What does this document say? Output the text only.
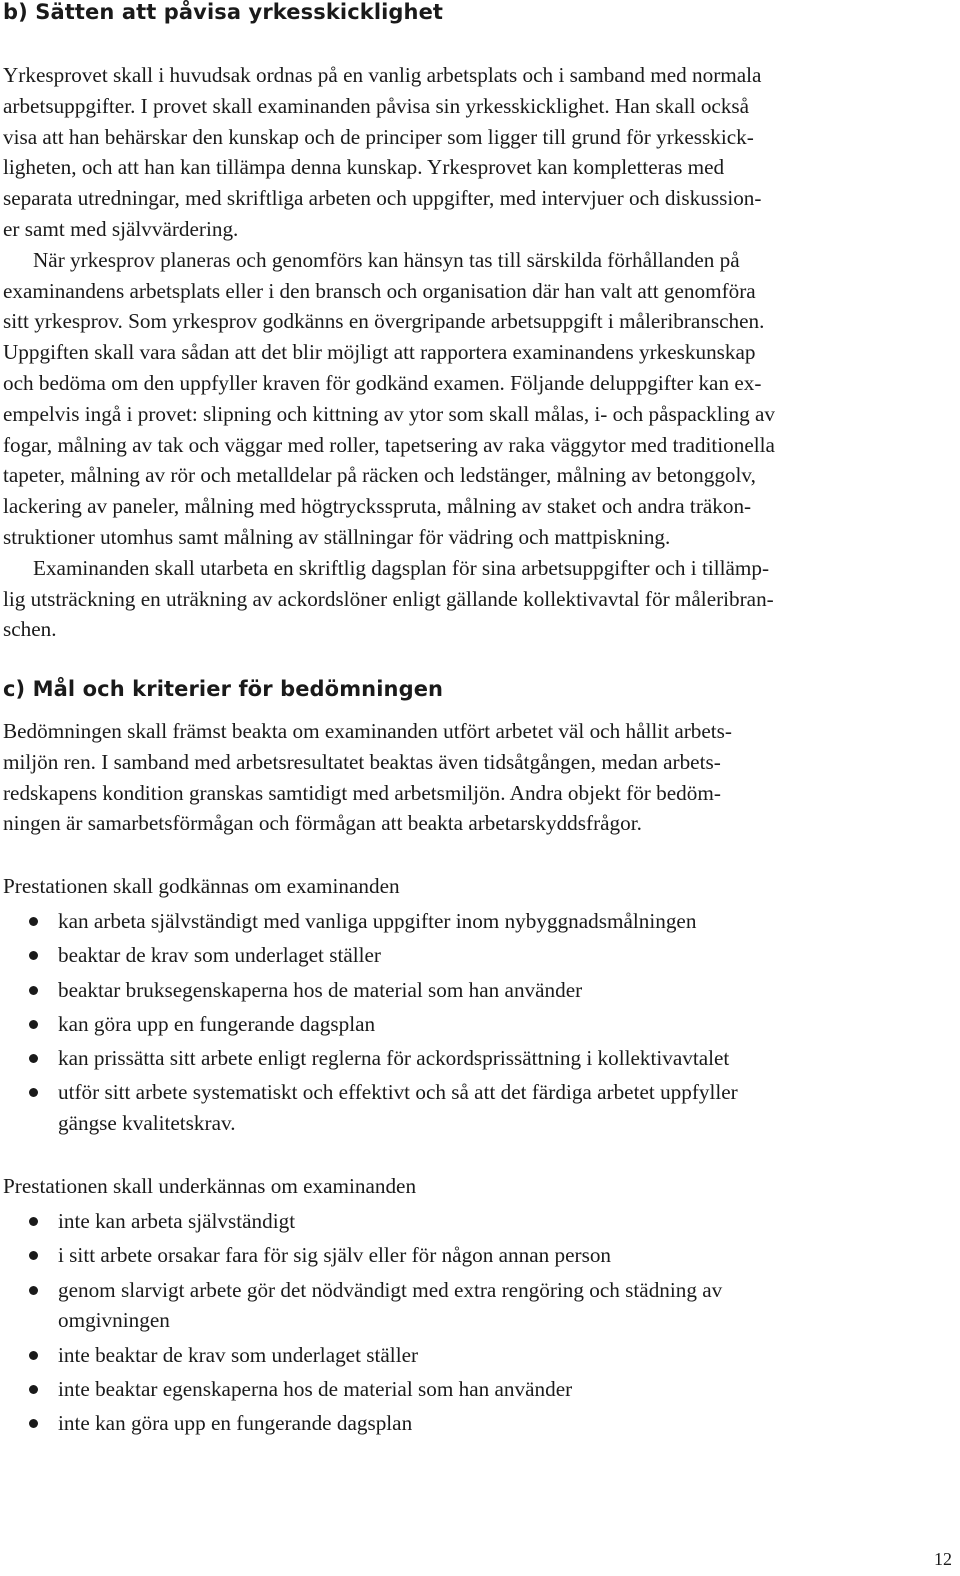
b) Sätten att påvisa yrkesskicklighet

Yrkesprovet skall i huvudsak ordnas på en vanlig arbetsplats och i samband med normala
arbetsuppgifter. I provet skall examinanden påvisa sin yrkesskicklighet. Han skall också
visa att han behärskar den kunskap och de principer som ligger till grund för yrkesskick-
ligheten, och att han kan tillämpa denna kunskap. Yrkesprovet kan kompletteras med
separata utredningar, med skriftliga arbeten och uppgifter, med intervjuer och diskussion-
er samt med självvärdering.

När yrkesprov planeras och genomförs kan hänsyn tas till särskilda förhållanden på
examinandens arbetsplats eller i den bransch och organisation där han valt att genomföra
sitt yrkesprov. Som yrkesprov godkänns en övergripande arbetsuppgift i måleribranschen.
Uppgiften skall vara sådan att det blir möjligt att rapportera examinandens yrkeskunskap
och bedöma om den uppfyller kraven för godkänd examen. Följande deluppgifter kan ex-
empelvis ingå i provet: slipning och kittning av ytor som skall målas, i- och påspackling av
fogar, målning av tak och väggar med roller, tapetsering av raka väggytor med traditionella
tapeter, målning av rör och metalldelar på räcken och ledstänger, målning av betonggolv,
lackering av paneler, målning med högtrycksspruta, målning av staket och andra träkon-
struktioner utomhus samt målning av ställningar för vädring och mattpiskning.

Examinanden skall utarbeta en skriftlig dagsplan för sina arbetsuppgifter och i tillämp-
lig utsträckning en uträkning av ackordslöner enligt gällande kollektivavtal för måleribran-
schen.

c) Mål och kriterier för bedömningen

Bedömningen skall främst beakta om examinanden utfört arbetet väl och hållit arbets-
miljön ren. I samband med arbetsresultatet beaktas även tidsåtgången, medan arbets-
redskapens kondition granskas samtidigt med arbetsmiljön. Andra objekt för bedöm-
ningen är samarbetsförmågan och förmågan att beakta arbetarskyddsfrågor.

Prestationen skall godkännas om examinanden
kan arbeta självständigt med vanliga uppgifter inom nybyggnadsmålningen
beaktar de krav som underlaget ställer
beaktar bruksegenskaperna hos de material som han använder
kan göra upp en fungerande dagsplan
kan prissätta sitt arbete enligt reglerna för ackordsprissättning i kollektivavtalet
utför sitt arbete systematiskt och effektivt och så att det färdiga arbetet uppfyller
gängse kvalitetskrav.
Prestationen skall underkännas om examinanden
inte kan arbeta självständigt
i sitt arbete orsakar fara för sig själv eller för någon annan person
genom slarvigt arbete gör det nödvändigt med extra rengöring och städning av
omgivningen
inte beaktar de krav som underlaget ställer
inte beaktar egenskaperna hos de material som han använder
inte kan göra upp en fungerande dagsplan
12
